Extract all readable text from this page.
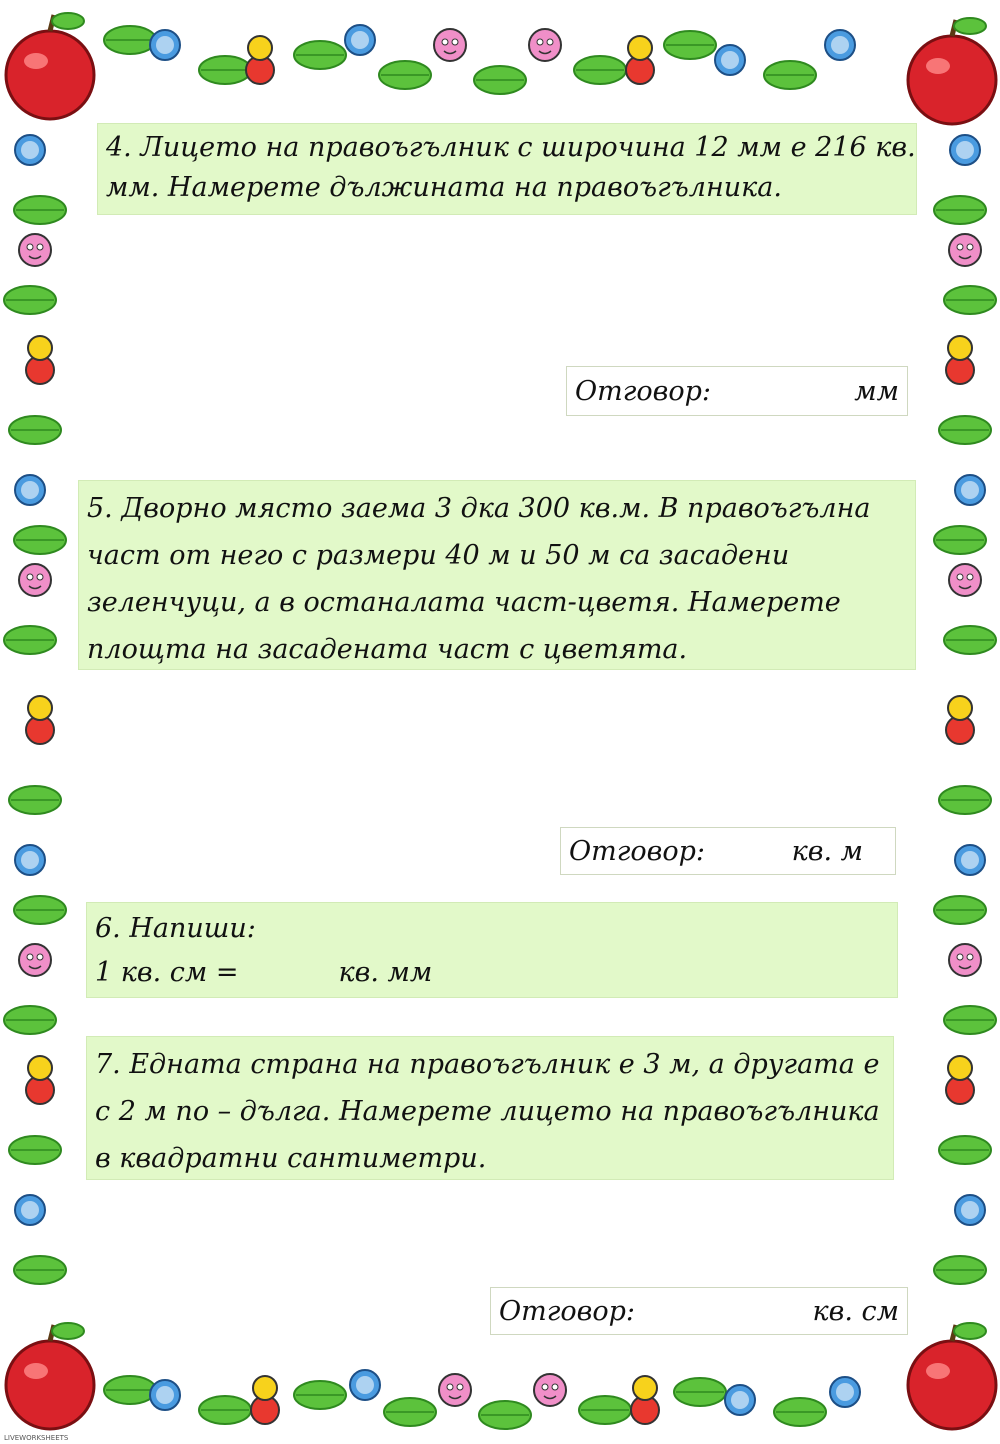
4. Лицето на правоъгълник с широчина 12 мм е 216 кв.
мм. Намерете дължината на правоъгълника.
Отговор:	мм
5. Дворно място заема 3 дка 300 кв.м. В правоъгълна
част от него с размери 40 м и 50 м са засадени
зеленчуци, а в останалата част-цветя. Намерете
площта на засадената част с цветята.
Отговор:	кв. м
6. Напиши:
1 кв. см =	кв. мм
7. Едната страна на правоъгълник е 3 м, а другата е
с 2 м по – дълга. Намерете лицето на правоъгълника
в квадратни сантиметри.
Отговор:	кв. см
LIVEWORKSHEETS
